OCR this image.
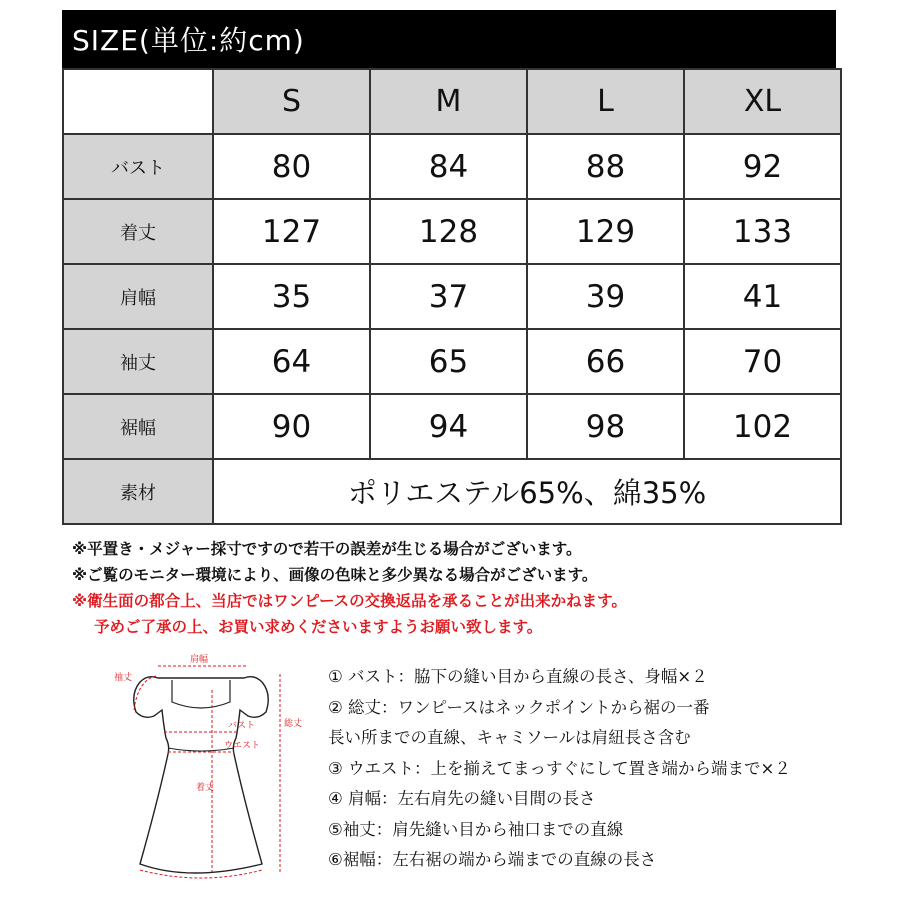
SIZE(単位:約cm)
	S	M	L	XL
バスト	80	84	88	92
着丈	127	128	129	133
肩幅	35	37	39	41
袖丈	64	65	66	70
裾幅	90	94	98	102
素材	ポリエステル65%、綿35%			
※平置き・メジャー採寸ですので若干の誤差が生じる場合がございます。
※ご覧のモニター環境により、画像の色味と多少異なる場合がございます。
※衛生面の都合上、当店ではワンピースの交換返品を承ることが出来かねます。
予めご了承の上、お買い求めくださいますようお願い致します。
肩幅
袖丈
総丈
バスト
ウエスト
着丈
① バスト：脇下の縫い目から直線の長さ、身幅×２
② 総丈：ワンピースはネックポイントから裾の一番
長い所までの直線、キャミソールは肩紐長さ含む
③ ウエスト：上を揃えてまっすぐにして置き端から端まで×２
④ 肩幅：左右肩先の縫い目間の長さ
⑤袖丈：肩先縫い目から袖口までの直線
⑥裾幅：左右裾の端から端までの直線の長さ
